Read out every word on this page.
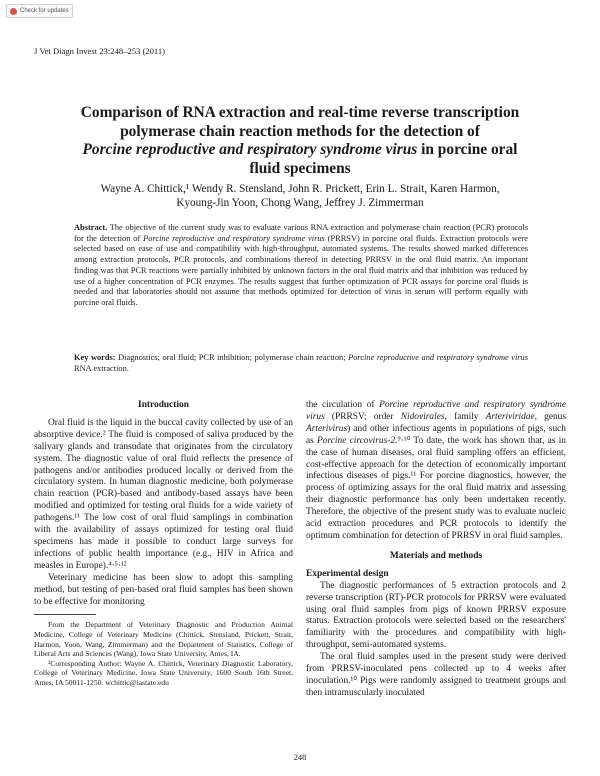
Check for updates
J Vet Diagn Invest 23:248–253 (2011)
Comparison of RNA extraction and real-time reverse transcription
polymerase chain reaction methods for the detection of
Porcine reproductive and respiratory syndrome virus in porcine oral
fluid specimens
Wayne A. Chittick,¹ Wendy R. Stensland, John R. Prickett, Erin L. Strait, Karen Harmon,
Kyoung-Jin Yoon, Chong Wang, Jeffrey J. Zimmerman
Abstract. The objective of the current study was to evaluate various RNA extraction and polymerase chain reaction (PCR) protocols for the detection of Porcine reproductive and respiratory syndrome virus (PRRSV) in porcine oral fluids. Extraction protocols were selected based on ease of use and compatibility with high-throughput, automated systems. The results showed marked differences among extraction protocols, PCR protocols, and combinations thereof in detecting PRRSV in the oral fluid matrix. An important finding was that PCR reactions were partially inhibited by unknown factors in the oral fluid matrix and that inhibition was reduced by use of a higher concentration of PCR enzymes. The results suggest that further optimization of PCR assays for porcine oral fluids is needed and that laboratories should not assume that methods optimized for detection of virus in serum will perform equally with porcine oral fluids.
Key words: Diagnostics; oral fluid; PCR inhibition; polymerase chain reaction; Porcine reproductive and respiratory syndrome virus RNA extraction.
Introduction

Oral fluid is the liquid in the buccal cavity collected by use of an absorptive device.² The fluid is composed of saliva produced by the salivary glands and transudate that originates from the circulatory system. The diagnostic value of oral fluid reflects the presence of pathogens and/or antibodies produced locally or derived from the circulatory system. In human diagnostic medicine, both polymerase chain reaction (PCR)-based and antibody-based assays have been modified and optimized for testing oral fluids for a wide variety of pathogens.¹¹ The low cost of oral fluid samplings in combination with the availability of assays optimized for testing oral fluid specimens has made it possible to conduct large surveys for infections of public health importance (e.g., HIV in Africa and measles in Europe).⁴·⁵·¹²

Veterinary medicine has been slow to adopt this sampling method, but testing of pen-based oral fluid samples has been shown to be effective for monitoring

From the Department of Veterinary Diagnostic and Production Animal Medicine, College of Veterinary Medicine (Chittick, Stensland, Prickett, Strait, Harmon, Yoon, Wang, Zimmerman) and the Department of Statistics, College of Liberal Arts and Sciences (Wang), Iowa State University, Ames, IA.

¹Corresponding Author: Wayne A. Chittick, Veterinary Diagnostic Laboratory, College of Veterinary Medicine, Iowa State University, 1600 South 16th Street, Ames, IA 50011-1250. wchittic@iastate.edu

the circulation of Porcine reproductive and respiratory syndrome virus (PRRSV; order Nidovirales, family Arteriviridae, genus Arterivirus) and other infectious agents in populations of pigs, such as Porcine circovirus-2.⁹·¹⁰ To date, the work has shown that, as in the case of human diseases, oral fluid sampling offers an efficient, cost-effective approach for the detection of economically important infectious diseases of pigs.¹¹ For porcine diagnostics, however, the process of optimizing assays for the oral fluid matrix and assessing their diagnostic performance has only been undertaken recently. Therefore, the objective of the present study was to evaluate nucleic acid extraction procedures and PCR protocols to identify the optimum combination for detection of PRRSV in oral fluid samples.

Materials and methods
Experimental design

The diagnostic performances of 5 extraction protocols and 2 reverse transcription (RT)-PCR protocols for PRRSV were evaluated using oral fluid samples from pigs of known PRRSV exposure status. Extraction protocols were selected based on the researchers' familiarity with the procedures and compatibility with high-throughput, semi-automated systems.

The oral fluid samples used in the present study were derived from PRRSV-inoculated pens collected up to 4 weeks after inoculation.¹⁰ Pigs were randomly assigned to treatment groups and then intramuscularly inoculated

248
